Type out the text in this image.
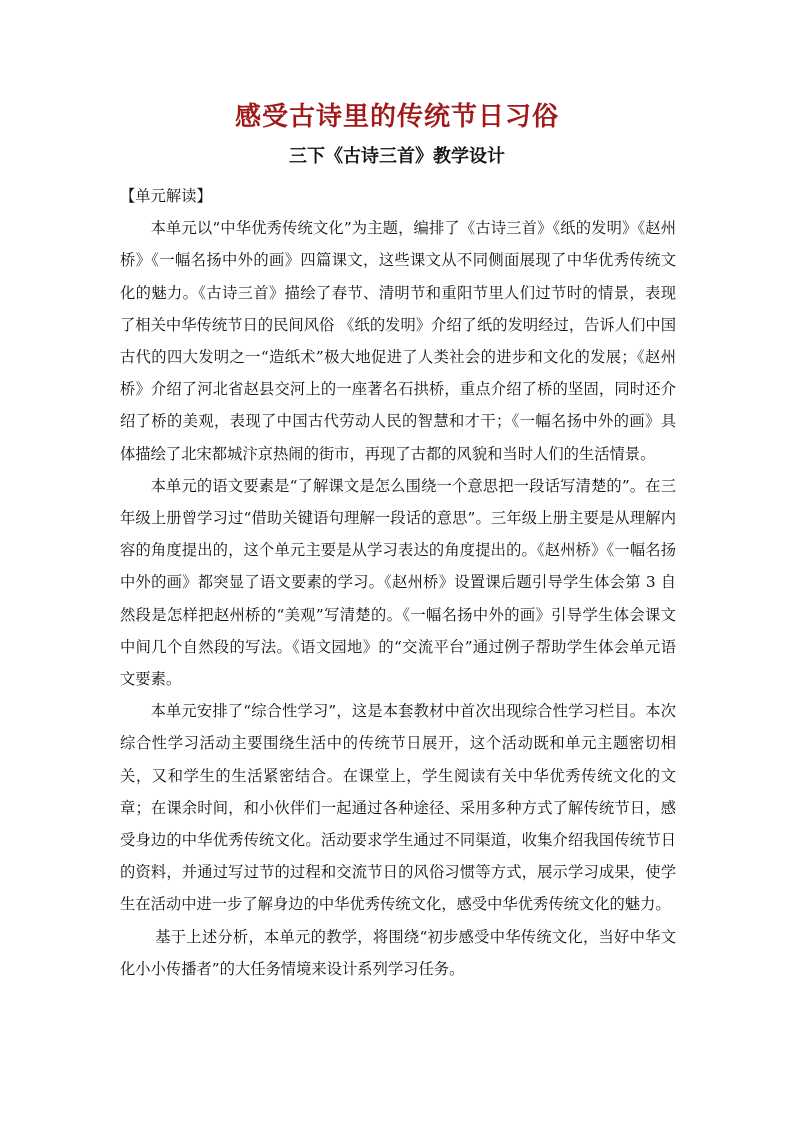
感受古诗里的传统节日习俗
三下《古诗三首》教学设计

【单元解读】

本单元以“中华优秀传统文化”为主题，编排了《古诗三首》《纸的发明》《赵州桥》《一幅名扬中外的画》四篇课文，这些课文从不同侧面展现了中华优秀传统文化的魅力。《古诗三首》描绘了春节、清明节和重阳节里人们过节时的情景，表现了相关中华传统节日的民间风俗 《纸的发明》介绍了纸的发明经过，告诉人们中国古代的四大发明之一“造纸术”极大地促进了人类社会的进步和文化的发展；《赵州桥》介绍了河北省赵县交河上的一座著名石拱桥，重点介绍了桥的坚固，同时还介绍了桥的美观，表现了中国古代劳动人民的智慧和才干；《一幅名扬中外的画》具体描绘了北宋都城汴京热闹的街市，再现了古都的风貌和当时人们的生活情景。

本单元的语文要素是“了解课文是怎么围绕一个意思把一段话写清楚的”。在三年级上册曾学习过“借助关键语句理解一段话的意思”。三年级上册主要是从理解内容的角度提出的，这个单元主要是从学习表达的角度提出的。《赵州桥》《一幅名扬中外的画》都突显了语文要素的学习。《赵州桥》设置课后题引导学生体会第 3 自然段是怎样把赵州桥的“美观”写清楚的。《一幅名扬中外的画》引导学生体会课文中间几个自然段的写法。《语文园地》的“交流平台”通过例子帮助学生体会单元语文要素。

本单元安排了“综合性学习”，这是本套教材中首次出现综合性学习栏目。本次综合性学习活动主要围绕生活中的传统节日展开，这个活动既和单元主题密切相关，又和学生的生活紧密结合。在课堂上，学生阅读有关中华优秀传统文化的文章；在课余时间，和小伙伴们一起通过各种途径、采用多种方式了解传统节日，感受身边的中华优秀传统文化。活动要求学生通过不同渠道，收集介绍我国传统节日的资料，并通过写过节的过程和交流节日的风俗习惯等方式，展示学习成果，使学生在活动中进一步了解身边的中华优秀传统文化，感受中华优秀传统文化的魅力。

基于上述分析，本单元的教学，将围绕“初步感受中华传统文化，当好中华文化小小传播者”的大任务情境来设计系列学习任务。
